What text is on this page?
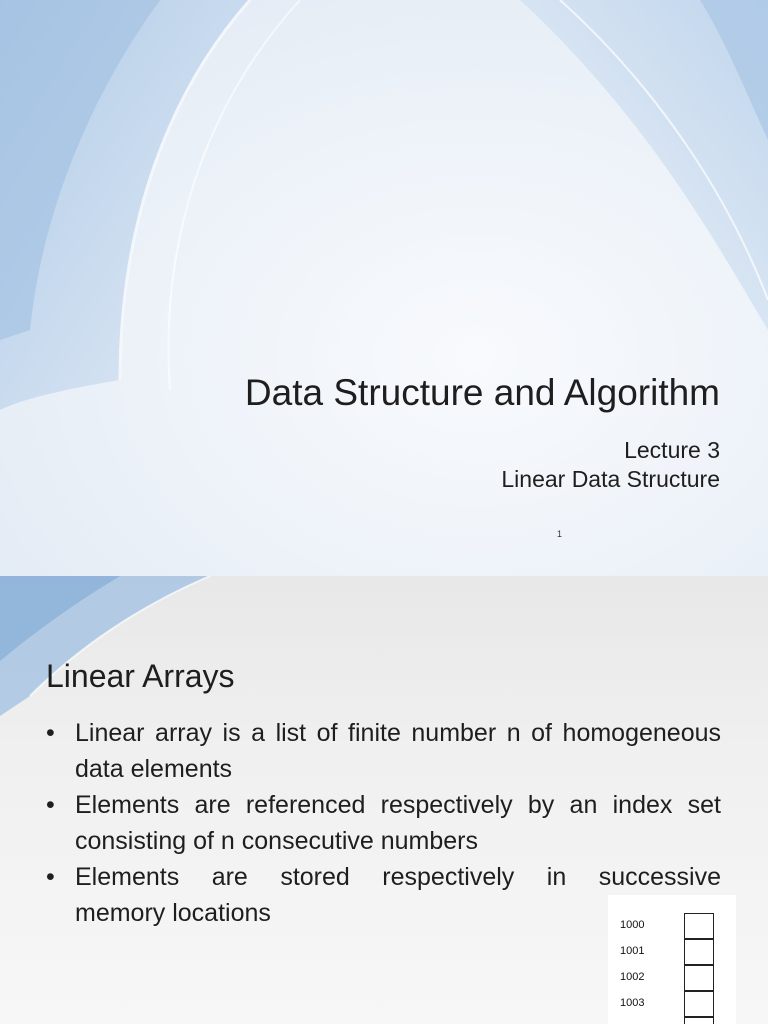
Data Structure and Algorithm
Lecture 3
Linear Data Structure
1
Linear Arrays
• Linear array is a list of finite number n of homogeneous data elements
• Elements are referenced respectively by an index set consisting of n consecutive numbers
• Elements are stored respectively in successive
memory locations	1000
1001
1002
1003
